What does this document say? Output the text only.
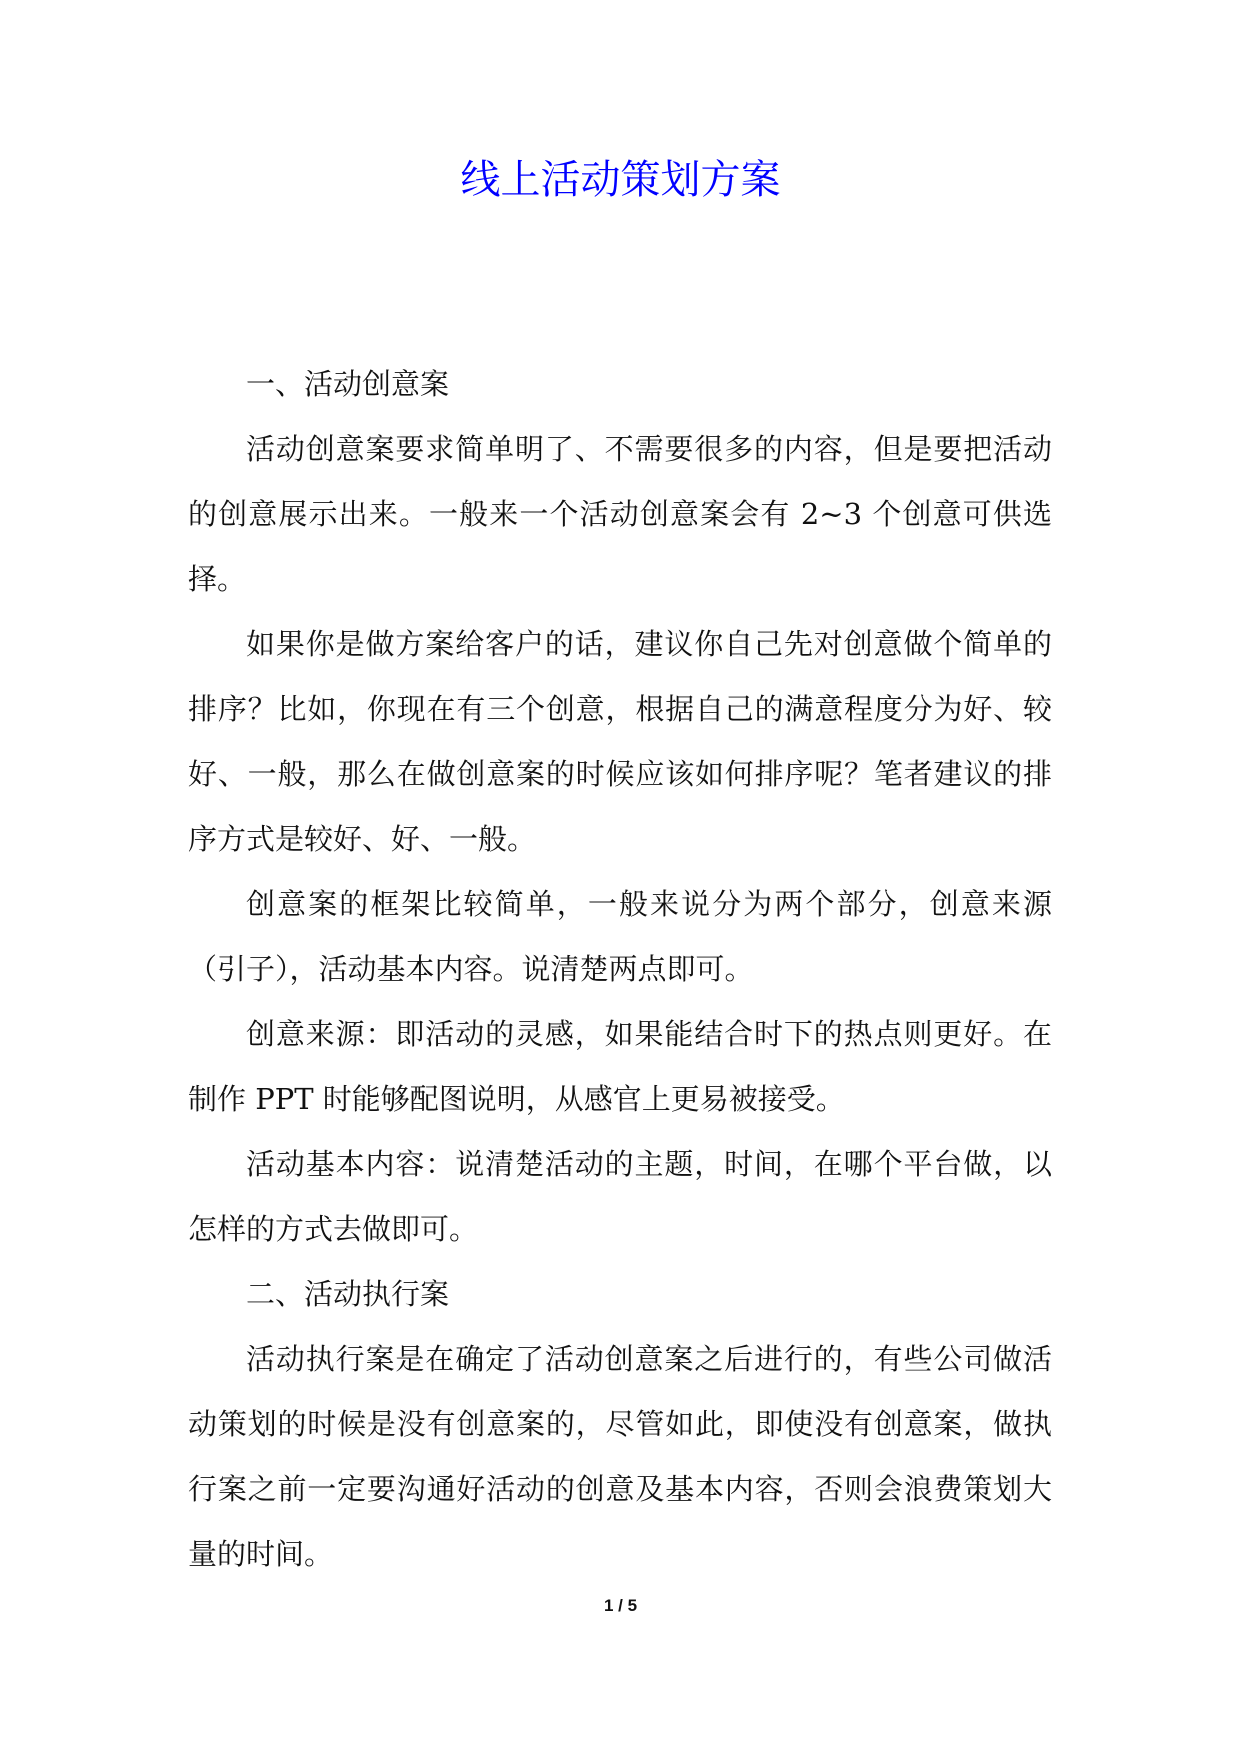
线上活动策划方案

一、活动创意案

活动创意案要求简单明了、不需要很多的内容，但是要把活动的创意展示出来。一般来一个活动创意案会有 2~3 个创意可供选择。

如果你是做方案给客户的话，建议你自己先对创意做个简单的排序？比如，你现在有三个创意，根据自己的满意程度分为好、较好、一般，那么在做创意案的时候应该如何排序呢？笔者建议的排序方式是较好、好、一般。

创意案的框架比较简单，一般来说分为两个部分，创意来源（引子），活动基本内容。说清楚两点即可。

创意来源：即活动的灵感，如果能结合时下的热点则更好。在制作 PPT 时能够配图说明，从感官上更易被接受。

活动基本内容：说清楚活动的主题，时间，在哪个平台做，以怎样的方式去做即可。

二、活动执行案

活动执行案是在确定了活动创意案之后进行的，有些公司做活动策划的时候是没有创意案的，尽管如此，即使没有创意案，做执行案之前一定要沟通好活动的创意及基本内容，否则会浪费策划大量的时间。

1 / 5
